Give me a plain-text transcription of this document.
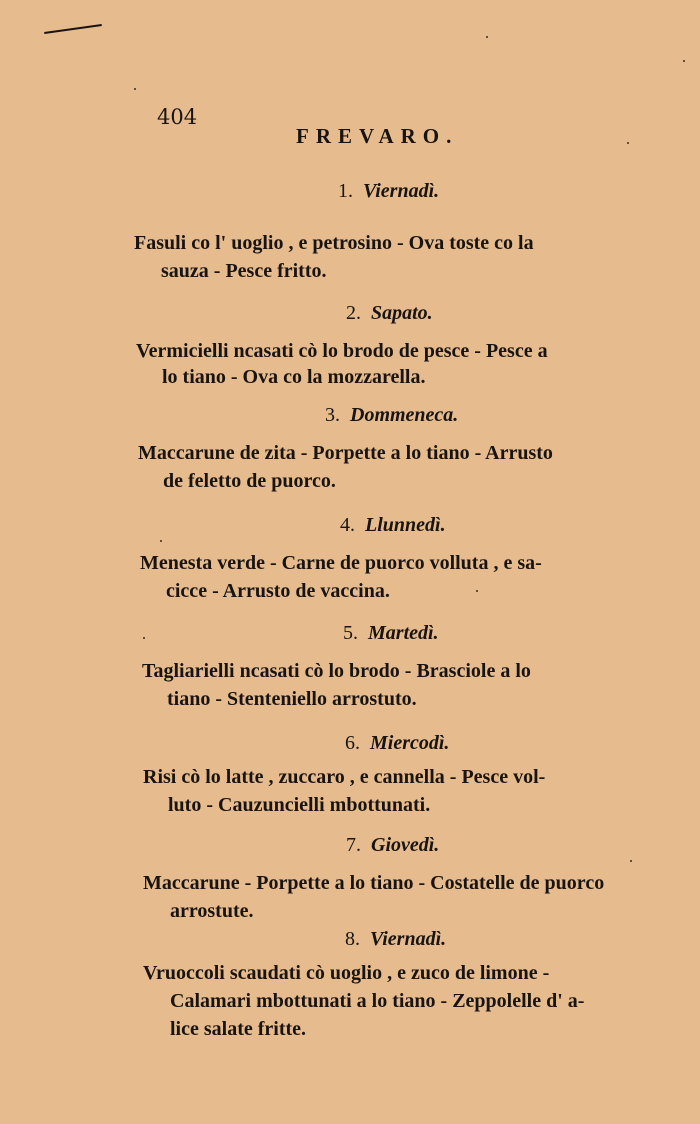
404
FREVARO.
1. Viernadì.
Fasuli co l' uoglio , e petrosino - Ova toste co la
sauza - Pesce fritto.
2. Sapato.
Vermicielli ncasati cò lo brodo de pesce - Pesce a
lo tiano - Ova co la mozzarella.
3. Dommeneca.
Maccarune de zita - Porpette a lo tiano - Arrusto
de feletto de puorco.
4. Llunnedì.
Menesta verde - Carne de puorco volluta , e sa-
cicce - Arrusto de vaccina.
5. Martedì.
Tagliarielli ncasati cò lo brodo - Brasciole a lo
tiano - Stenteniello arrostuto.
6. Miercodì.
Risi cò lo latte , zuccaro , e cannella - Pesce vol-
luto - Cauzuncielli mbottunati.
7. Giovedì.
Maccarune - Porpette a lo tiano - Costatelle de puorco
arrostute.
8. Viernadì.
Vruoccoli scaudati cò uoglio , e zuco de limone -
Calamari mbottunati a lo tiano - Zeppolelle d' a-
lice salate fritte.
